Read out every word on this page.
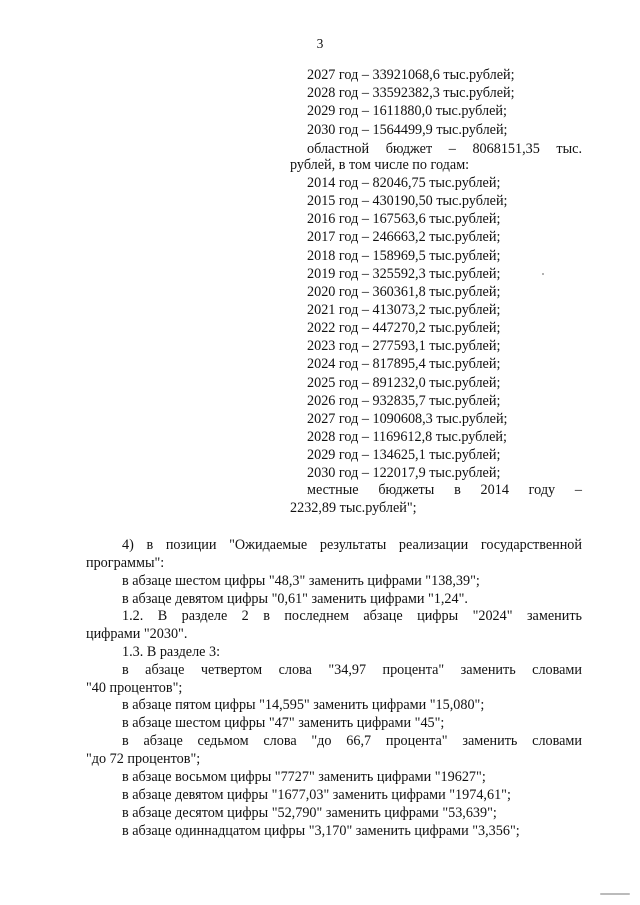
3
2027 год – 33921068,6 тыс.рублей;
2028 год – 33592382,3 тыс.рублей;
2029 год – 1611880,0 тыс.рублей;
2030 год – 1564499,9 тыс.рублей;
областной бюджет – 8068151,35 тыс.
рублей, в том числе по годам:
2014 год – 82046,75 тыс.рублей;
2015 год – 430190,50 тыс.рублей;
2016 год – 167563,6 тыс.рублей;
2017 год – 246663,2 тыс.рублей;
2018 год – 158969,5 тыс.рублей;
2019 год – 325592,3 тыс.рублей;
2020 год – 360361,8 тыс.рублей;
2021 год – 413073,2 тыс.рублей;
2022 год – 447270,2 тыс.рублей;
2023 год – 277593,1 тыс.рублей;
2024 год – 817895,4 тыс.рублей;
2025 год – 891232,0 тыс.рублей;
2026 год – 932835,7 тыс.рублей;
2027 год – 1090608,3 тыс.рублей;
2028 год – 1169612,8 тыс.рублей;
2029 год – 134625,1 тыс.рублей;
2030 год – 122017,9 тыс.рублей;
местные бюджеты в 2014 году –
2232,89 тыс.рублей";
4) в позиции "Ожидаемые результаты реализации государственной
программы":
в абзаце шестом цифры "48,3" заменить цифрами "138,39";
в абзаце девятом цифры "0,61" заменить цифрами "1,24".
1.2. В разделе 2 в последнем абзаце цифры "2024" заменить
цифрами "2030".
1.3. В разделе 3:
в абзаце четвертом слова "34,97 процента" заменить словами
"40 процентов";
в абзаце пятом цифры "14,595" заменить цифрами "15,080";
в абзаце шестом цифры "47" заменить цифрами "45";
в абзаце седьмом слова "до 66,7 процента" заменить словами
"до 72 процентов";
в абзаце восьмом цифры "7727" заменить цифрами "19627";
в абзаце девятом цифры "1677,03" заменить цифрами "1974,61";
в абзаце десятом цифры "52,790" заменить цифрами "53,639";
в абзаце одиннадцатом цифры "3,170" заменить цифрами "3,356";
